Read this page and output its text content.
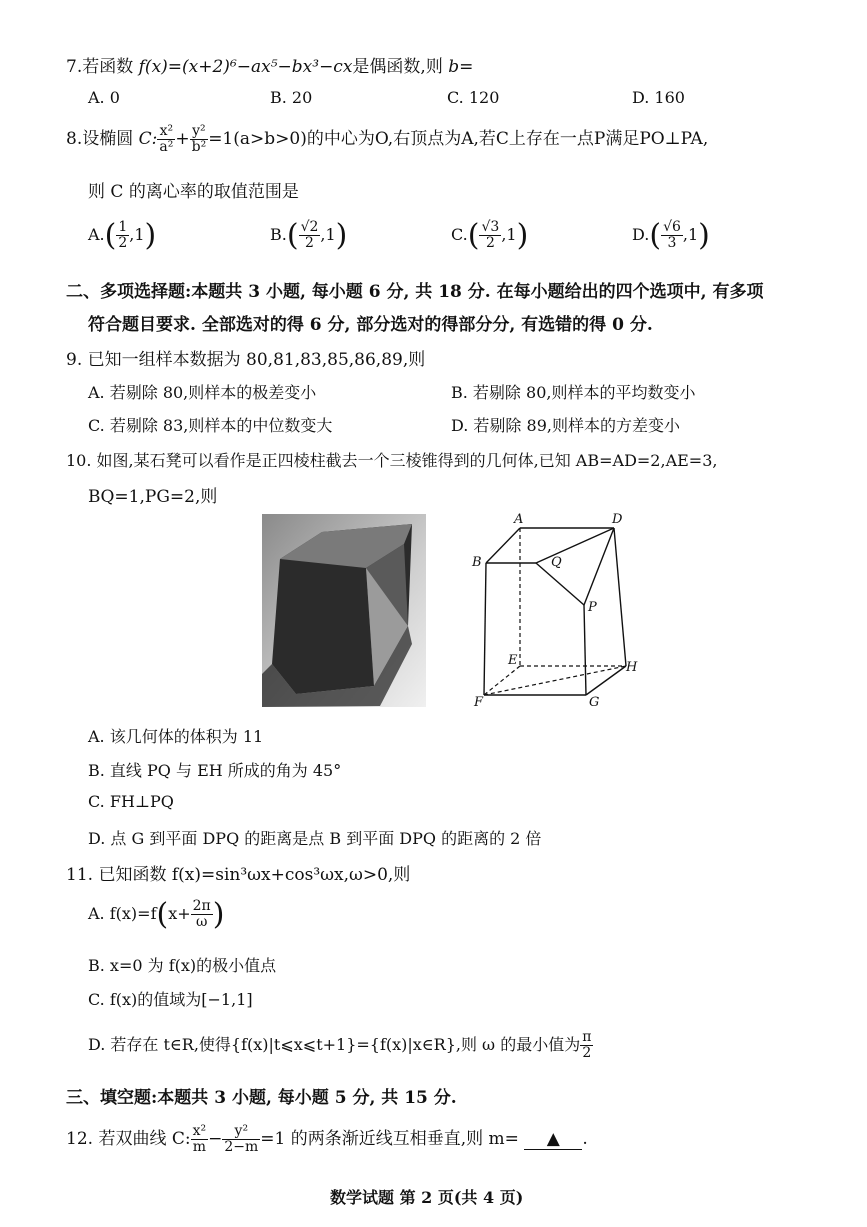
7.若函数 f(x)=(x+2)⁶−ax⁵−bx³−cx是偶函数,则 b=
A. 0	B. 20	C. 120	D. 160
8.设椭圆 C: $\frac{\text{x²}}{\text{a²}} + \frac{\text{y²}}{\text{b²}} =1(a>b>0)$的中心为O,右顶点为A,若C上存在一点P满足PO⊥PA,
则 C 的离心率的取值范围是
$A.( \frac{1}{2} ,1)$	$B.( \frac{√2}{2} ,1)$	$C.( \frac{√3}{2} ,1)$	$D.( \frac{√6}{3} ,1)$
二、多项选择题:本题共 3 小题, 每小题 6 分, 共 18 分. 在每小题给出的四个选项中, 有多项
符合题目要求. 全部选对的得 6 分, 部分选对的得部分分, 有选错的得 0 分.
9. 已知一组样本数据为 80,81,83,85,86,89,则
A. 若剔除 80,则样本的极差变小	B. 若剔除 80,则样本的平均数变小
C. 若剔除 83,则样本的中位数变大	D. 若剔除 89,则样本的方差变小
10. 如图,某石凳可以看作是正四棱柱截去一个三棱锥得到的几何体,已知 AB=AD=2,AE=3,
BQ=1,PG=2,则
A	D
B	Q
P
E	H
F	G
A. 该几何体的体积为 11
B. 直线 PQ 与 EH 所成的角为 45°
C. FH⊥PQ
D. 点 G 到平面 DPQ 的距离是点 B 到平面 DPQ 的距离的 2 倍
11. 已知函数 f(x)=sin³ωx+cos³ωx,ω>0,则
A. $f(x)=f(x+ \frac{2\pi}{\omega}$ )
B. x=0 为 f(x)的极小值点
C. f(x)的值域为[−1,1]
D. 若存在 t∈R,使得{f(x)|t⩽x⩽t+1}={f(x)|x∈R},则 ω 的最小值为 $\frac{\pi}{2}$
三、填空题:本题共 3 小题, 每小题 5 分, 共 15 分.
12. 若双曲线 C: $\frac{\text{x²}}{m} - \frac{\text{y²}}{2-m} =1$ 的两条渐近线互相垂直,则 m= ▲ .
数学试题 第 2 页(共 4 页)
